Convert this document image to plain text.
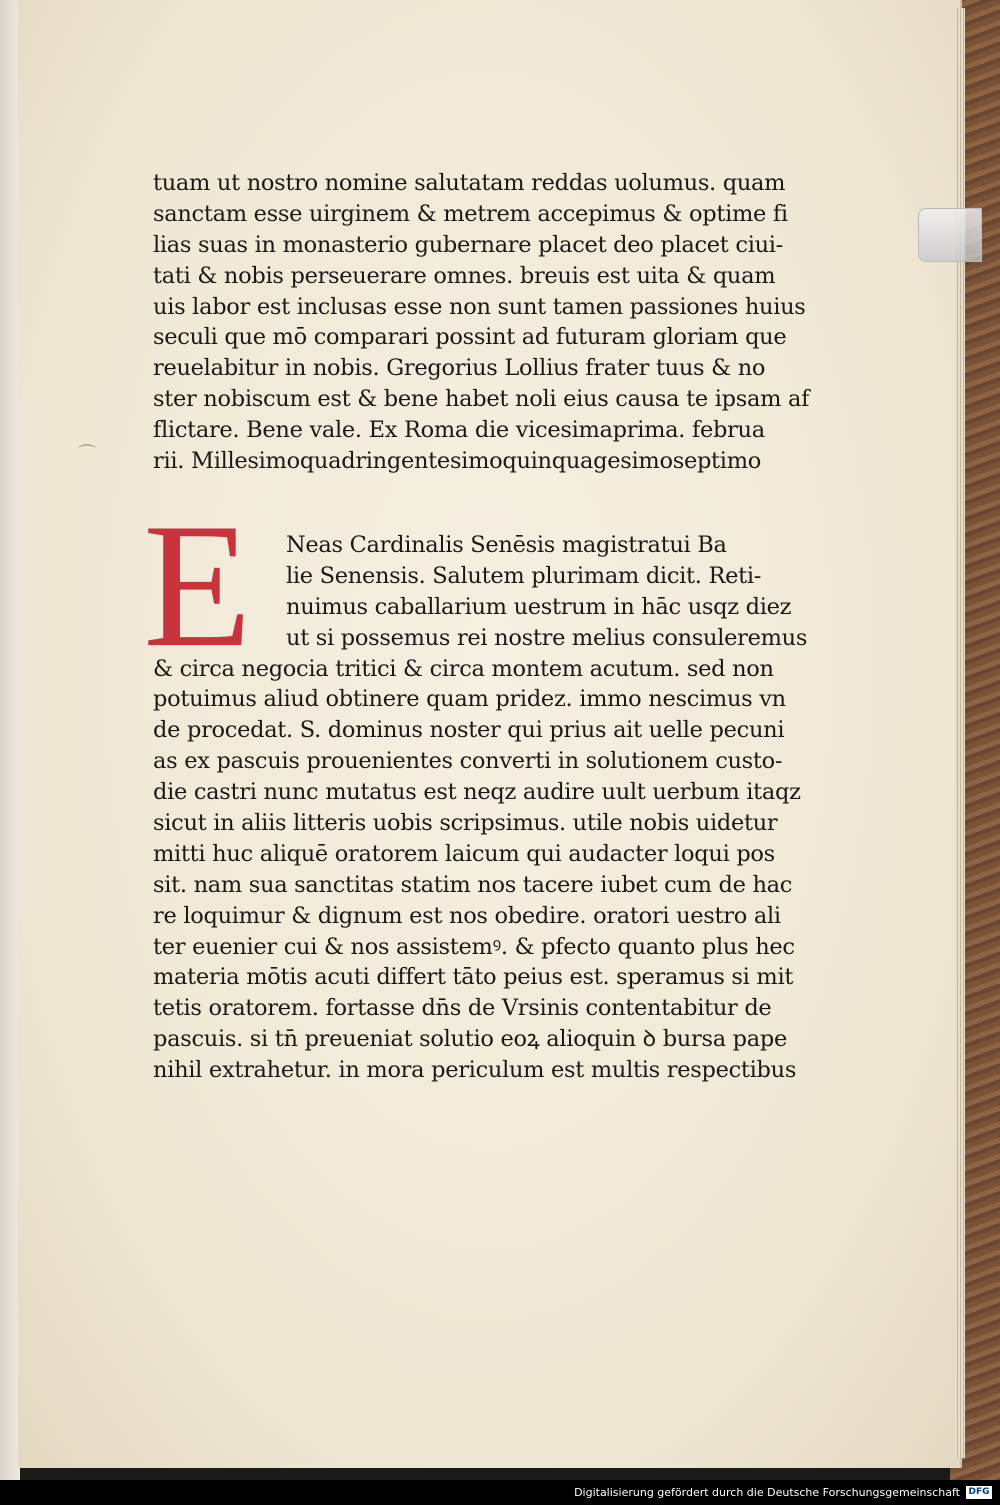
⌒
tuam ut nostro nomine salutatam reddas uolumus. quam
sanctam esse uirginem & metrem accepimus & optime fi
lias suas in monasterio gubernare placet deo placet ciui-
tati & nobis perseuerare omnes. breuis est uita & quam
uis labor est inclusas esse non sunt tamen passiones huius
seculi que mō comparari possint ad futuram gloriam que
reuelabitur in nobis. Gregorius Lollius frater tuus & no
ster nobiscum est & bene habet noli eius causa te ipsam af
flictare. Bene vale. Ex Roma die vicesimaprima. februa
rii. Millesimoquadringentesimoquinquagesimoseptimo
E	Neas Cardinalis Senēsis magistratui Ba
lie Senensis. Salutem plurimam dicit. Reti-
nuimus caballarium uestrum in hāc usqz diez
ut si possemus rei nostre melius consuleremus
& circa negocia tritici & circa montem acutum. sed non
potuimus aliud obtinere quam pridez. immo nescimus vn
de procedat. S. dominus noster qui prius ait uelle pecuni
as ex pascuis prouenientes converti in solutionem custo-
die castri nunc mutatus est neqz audire uult uerbum itaqz
sicut in aliis litteris uobis scripsimus. utile nobis uidetur
mitti huc aliquē oratorem laicum qui audacter loqui pos
sit. nam sua sanctitas statim nos tacere iubet cum de hac
re loquimur & dignum est nos obedire. oratori uestro ali
ter euenier cui & nos assistemꝰ. & pfecto quanto plus hec
materia mōtis acuti differt tāto peius est. speramus si mit
tetis oratorem. fortasse dn̄s de Vrsinis contentabitur de
pascuis. si tn̄ preueniat solutio eoꝝ alioquin ꝺ bursa pape
nihil extrahetur. in mora periculum est multis respectibus
Digitalisierung gefördert durch die Deutsche Forschungsgemeinschaft DFG
